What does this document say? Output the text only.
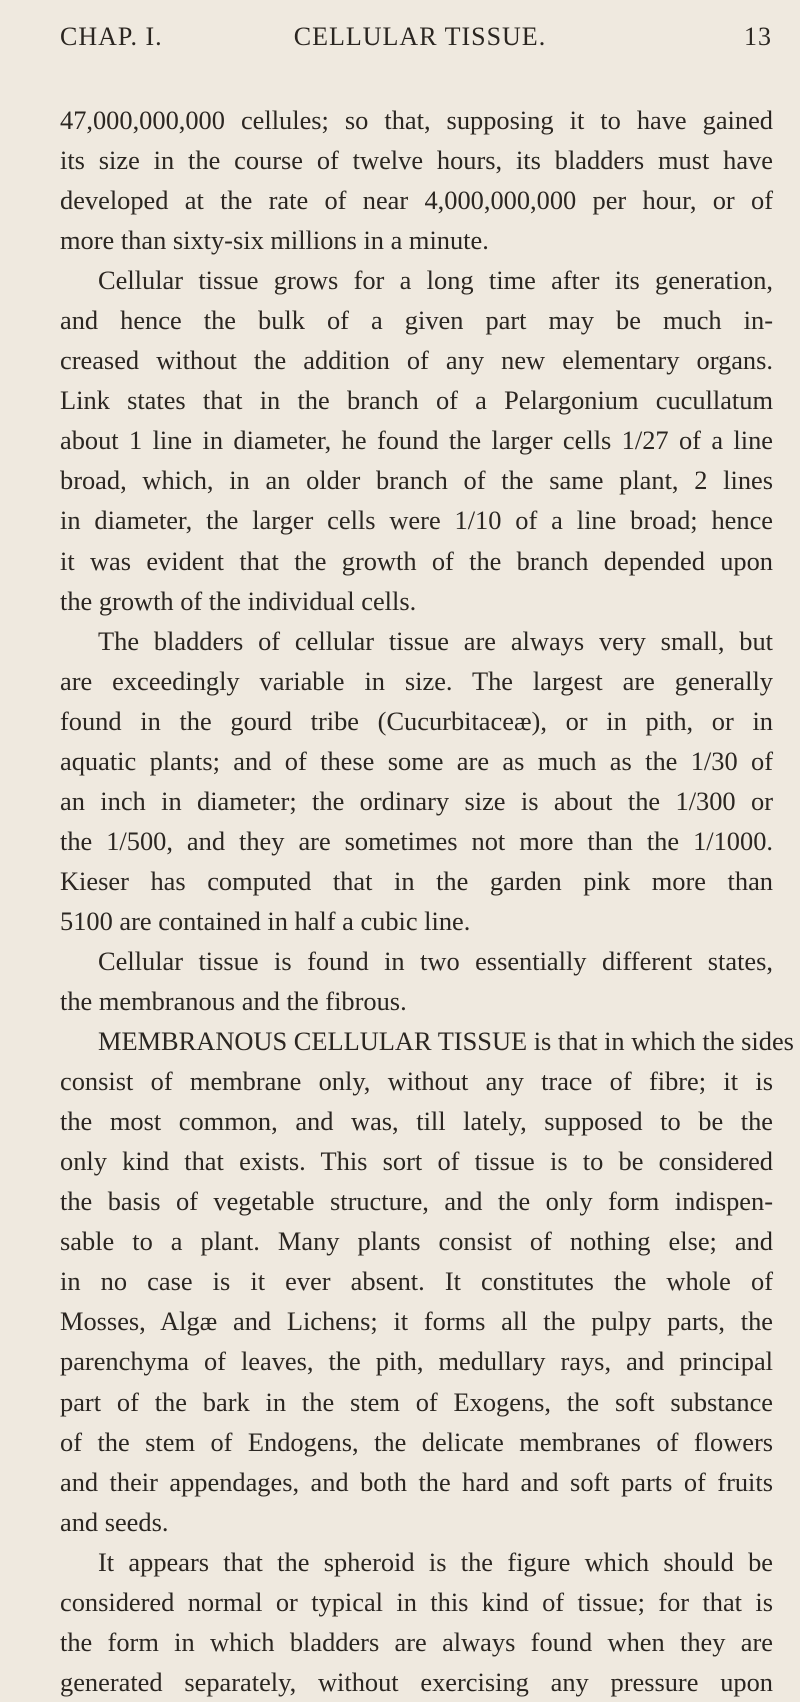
CHAP. I.	CELLULAR TISSUE.	13
47,000,000,000 cellules; so that, supposing it to have gained
its size in the course of twelve hours, its bladders must have
developed at the rate of near 4,000,000,000 per hour, or of
more than sixty-six millions in a minute.
Cellular tissue grows for a long time after its generation,
and hence the bulk of a given part may be much in-
creased without the addition of any new elementary organs.
Link states that in the branch of a Pelargonium cucullatum
about 1 line in diameter, he found the larger cells 1/27 of a line
broad, which, in an older branch of the same plant, 2 lines
in diameter, the larger cells were 1/10 of a line broad; hence
it was evident that the growth of the branch depended upon
the growth of the individual cells.
The bladders of cellular tissue are always very small, but
are exceedingly variable in size. The largest are generally
found in the gourd tribe (Cucurbitaceæ), or in pith, or in
aquatic plants; and of these some are as much as the 1/30 of
an inch in diameter; the ordinary size is about the 1/300 or
the 1/500, and they are sometimes not more than the 1/1000.
Kieser has computed that in the garden pink more than
5100 are contained in half a cubic line.
Cellular tissue is found in two essentially different states,
the membranous and the fibrous.
MEMBRANOUS CELLULAR TISSUE is that in which the sides
consist of membrane only, without any trace of fibre; it is
the most common, and was, till lately, supposed to be the
only kind that exists. This sort of tissue is to be considered
the basis of vegetable structure, and the only form indispen-
sable to a plant. Many plants consist of nothing else; and
in no case is it ever absent. It constitutes the whole of
Mosses, Algæ and Lichens; it forms all the pulpy parts, the
parenchyma of leaves, the pith, medullary rays, and principal
part of the bark in the stem of Exogens, the soft substance
of the stem of Endogens, the delicate membranes of flowers
and their appendages, and both the hard and soft parts of fruits
and seeds.
It appears that the spheroid is the figure which should be
considered normal or typical in this kind of tissue; for that is
the form in which bladders are always found when they are
generated separately, without exercising any pressure upon
